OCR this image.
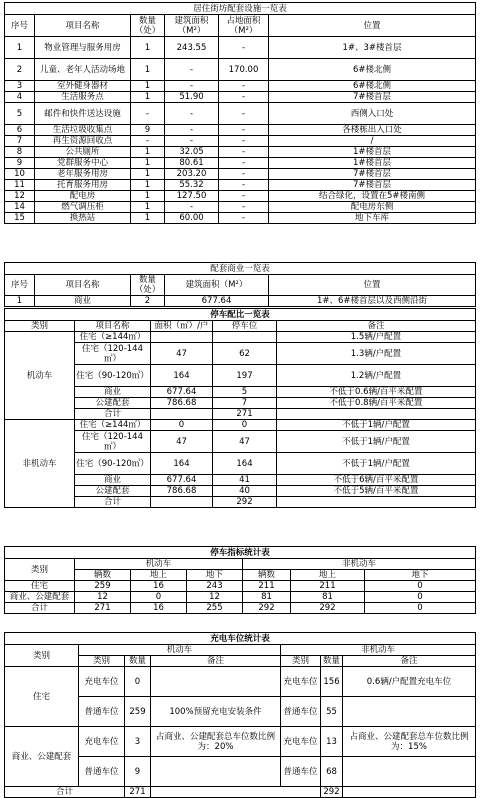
居住街坊配套设施一览表					
序号	项目名称	数量（处）	建筑面积（M²）	占地面积（M²）	位置
1	物业管理与服务用房	1	243.55	-	1#、3#楼首层
2	儿童、老年人活动场地	1	-	170.00	6#楼北侧
3	室外健身器材	1	-	-	6#楼北侧
4	生活服务点	1	51.90	-	7#楼首层
5	邮件和快件送达设施	-	-	-	西侧入口处
6	生活垃圾收集点	9	-	-	各楼栋出入口处
7	再生资源回收点	-	-	-	/
8	公共厕所	1	32.05	-	1#楼首层
9	党群服务中心	1	80.61	-	1#楼首层
10	老年服务用房	1	203.20	-	7#楼首层
11	托育服务用房	1	55.32	-	7#楼首层
12	配电房	1	127.50	-	结合绿化，设置在5#楼南侧
14	燃气调压柜	1	-	-	配电房东侧
15	换热站	1	60.00	-	地下车库
配套商业一览表				
序号	项目名称	数量（处）	建筑面积（M²）	位置
1	商业	2	677.64	1#、6#楼首层以及西侧沿街
停车配比一览表				
类别	项目名称	面积（㎡）/户	停车位	备注
机动车	住宅（≥144㎡）			1.5辆/户配置
	住宅（120-144㎡）	47	62	1.3辆/户配置
	住宅（90-120㎡）	164	197	1.2辆/户配置
	商业	677.64	5	不低于0.6辆/百平米配置
	公建配套	786.68	7	不低于0.8辆/百平米配置
	合计		271	
非机动车	住宅（≥144㎡）	0	0	不低于1辆/户配置
	住宅（120-144㎡）	47	47	不低于1辆/户配置
	住宅（90-120㎡）	164	164	不低于1辆/户配置
	商业	677.64	41	不低于6辆/百平米配置
	公建配套	786.68	40	不低于5辆/百平米配置
	合计		292	
停车指标统计表						
类别	机动车			非机动车		
	辆数	地上	地下	辆数	地上	地下
住宅	259	16	243	211	211	0
商业、公建配套	12	0	12	81	81	0
合计	271	16	255	292	292	0
充电车位统计表						
类别	机动车			非机动车		
	类别	数量	备注	类别	数量	备注
住宅	充电车位	0		充电车位	156	0.6辆/户配置充电车位
	普通车位	259	100%预留充电安装条件	普通车位	55	
商业、公建配套	充电车位	3	占商业、公建配套总车位数比例为：20%	充电车位	13	占商业、公建配套总车位数比例为：15%
	普通车位	9		普通车位	68	
合计		271			292	
